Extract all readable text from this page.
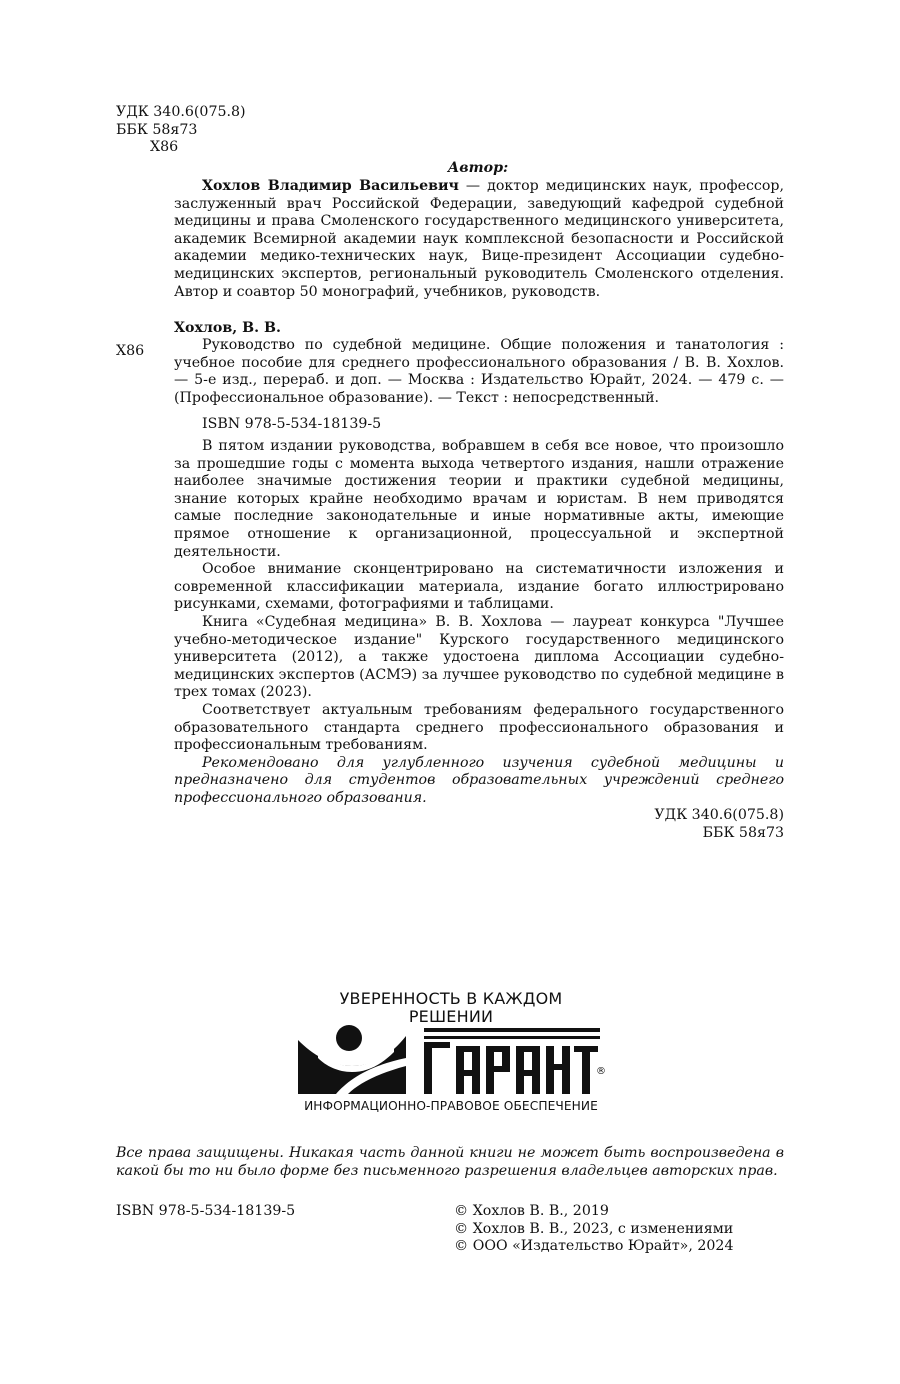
УДК 340.6(075.8)
ББК 58я73
Х86
Автор:

Хохлов Владимир Васильевич — доктор медицинских наук, профессор, заслуженный врач Российской Федерации, заведующий кафедрой судебной медицины и права Смоленского государственного медицинского университета, академик Всемирной академии наук комплексной безопасности и Российской академии медико-технических наук, Вице-президент Ассоциации судебно-медицинских экспертов, региональный руководитель Смоленского отделения. Автор и соавтор 50 монографий, учебников, руководств.

Хохлов, В. В.
Х86	Руководство по судебной медицине. Общие положения и танатология : учебное пособие для среднего профессионального образования / В. В. Хохлов. — 5-е изд., перераб. и доп. — Москва : Издательство Юрайт, 2024. — 479 с. — (Профессиональное образование). — Текст : непосредственный.

ISBN 978-5-534-18139-5

В пятом издании руководства, вобравшем в себя все новое, что произошло за прошедшие годы с момента выхода четвертого издания, нашли отражение наиболее значимые достижения теории и практики судебной медицины, знание которых крайне необходимо врачам и юристам. В нем приводятся самые последние законодательные и иные нормативные акты, имеющие прямое отношение к организационной, процессуальной и экспертной деятельности.

Особое внимание сконцентрировано на систематичности изложения и современной классификации материала, издание богато иллюстрировано рисунками, схемами, фотографиями и таблицами.

Книга «Судебная медицина» В. В. Хохлова — лауреат конкурса "Лучшее учебно-методическое издание" Курского государственного медицинского университета (2012), а также удостоена диплома Ассоциации судебно-медицинских экспертов (АСМЭ) за лучшее руководство по судебной медицине в трех томах (2023).

Соответствует актуальным требованиям федерального государственного образовательного стандарта среднего профессионального образования и профессиональным требованиям.

Рекомендовано для углубленного изучения судебной медицины и предназначено для студентов образовательных учреждений среднего профессионального образования.

УДК 340.6(075.8)
ББК 58я73
УВЕРЕННОСТЬ В КАЖДОМ РЕШЕНИИ
®
ИНФОРМАЦИОННО-ПРАВОВОЕ ОБЕСПЕЧЕНИЕ

Все права защищены. Никакая часть данной книги не может быть воспроизведена в какой бы то ни было форме без письменного разрешения владельцев авторских прав.

ISBN 978-5-534-18139-5	© Хохлов В. В., 2019
© Хохлов В. В., 2023, с изменениями
© ООО «Издательство Юрайт», 2024
